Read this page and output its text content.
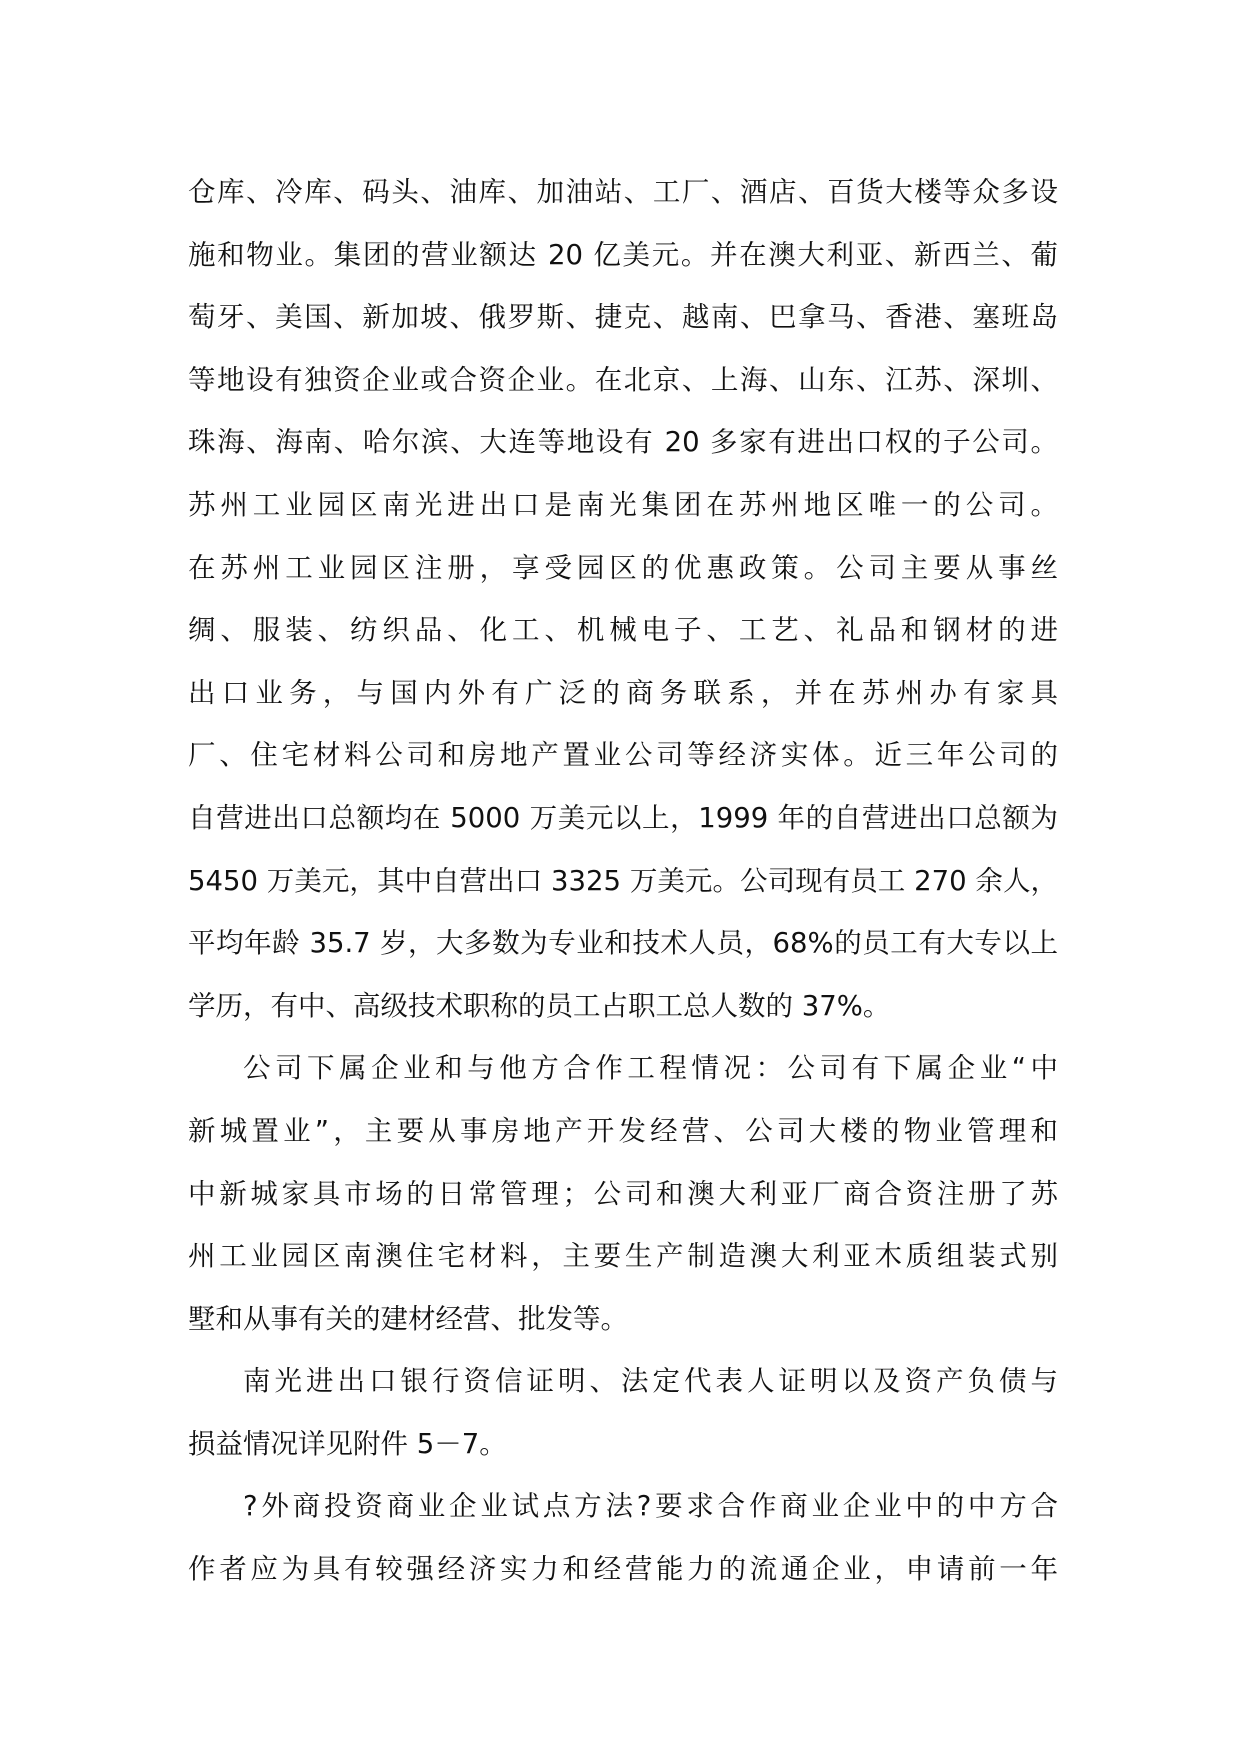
仓库、冷库、码头、油库、加油站、工厂、酒店、百货大楼等众多设
施和物业。集团的营业额达 20 亿美元。并在澳大利亚、新西兰、葡
萄牙、美国、新加坡、俄罗斯、捷克、越南、巴拿马、香港、塞班岛
等地设有独资企业或合资企业。在北京、上海、山东、江苏、深圳、
珠海、海南、哈尔滨、大连等地设有 20 多家有进出口权的子公司。
苏州工业园区南光进出口是南光集团在苏州地区唯一的公司。
在苏州工业园区注册，享受园区的优惠政策。公司主要从事丝
绸、服装、纺织品、化工、机械电子、工艺、礼品和钢材的进
出口业务，与国内外有广泛的商务联系，并在苏州办有家具
厂、住宅材料公司和房地产置业公司等经济实体。近三年公司的
自营进出口总额均在 5000 万美元以上，1999 年的自营进出口总额为
5450 万美元，其中自营出口 3325 万美元。公司现有员工 270 余人，
平均年龄 35.7 岁，大多数为专业和技术人员，68%的员工有大专以上
学历，有中、高级技术职称的员工占职工总人数的 37%。
公司下属企业和与他方合作工程情况：公司有下属企业“中
新城置业”，主要从事房地产开发经营、公司大楼的物业管理和
中新城家具市场的日常管理；公司和澳大利亚厂商合资注册了苏
州工业园区南澳住宅材料，主要生产制造澳大利亚木质组装式别
墅和从事有关的建材经营、批发等。
南光进出口银行资信证明、法定代表人证明以及资产负债与
损益情况详见附件 5－7。
?外商投资商业企业试点方法?要求合作商业企业中的中方合
作者应为具有较强经济实力和经营能力的流通企业，申请前一年
